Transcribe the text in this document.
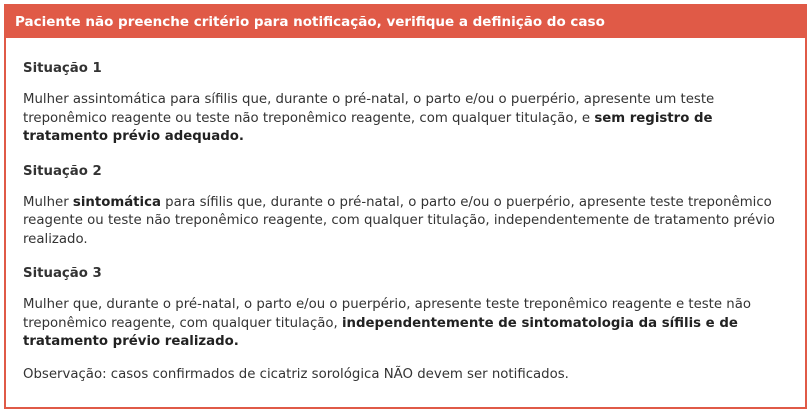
Paciente não preenche critério para notificação, verifique a definição do caso
Situação 1
Mulher assintomática para sífilis que, durante o pré-natal, o parto e/ou o puerpério, apresente um teste treponêmico reagente ou teste não treponêmico reagente, com qualquer titulação, e sem registro de tratamento prévio adequado.
Situação 2
Mulher sintomática para sífilis que, durante o pré-natal, o parto e/ou o puerpério, apresente teste treponêmico reagente ou teste não treponêmico reagente, com qualquer titulação, independentemente de tratamento prévio realizado.
Situação 3
Mulher que, durante o pré-natal, o parto e/ou o puerpério, apresente teste treponêmico reagente e teste não treponêmico reagente, com qualquer titulação, independentemente de sintomatologia da sífilis e de tratamento prévio realizado.
Observação: casos confirmados de cicatriz sorológica NÃO devem ser notificados.
